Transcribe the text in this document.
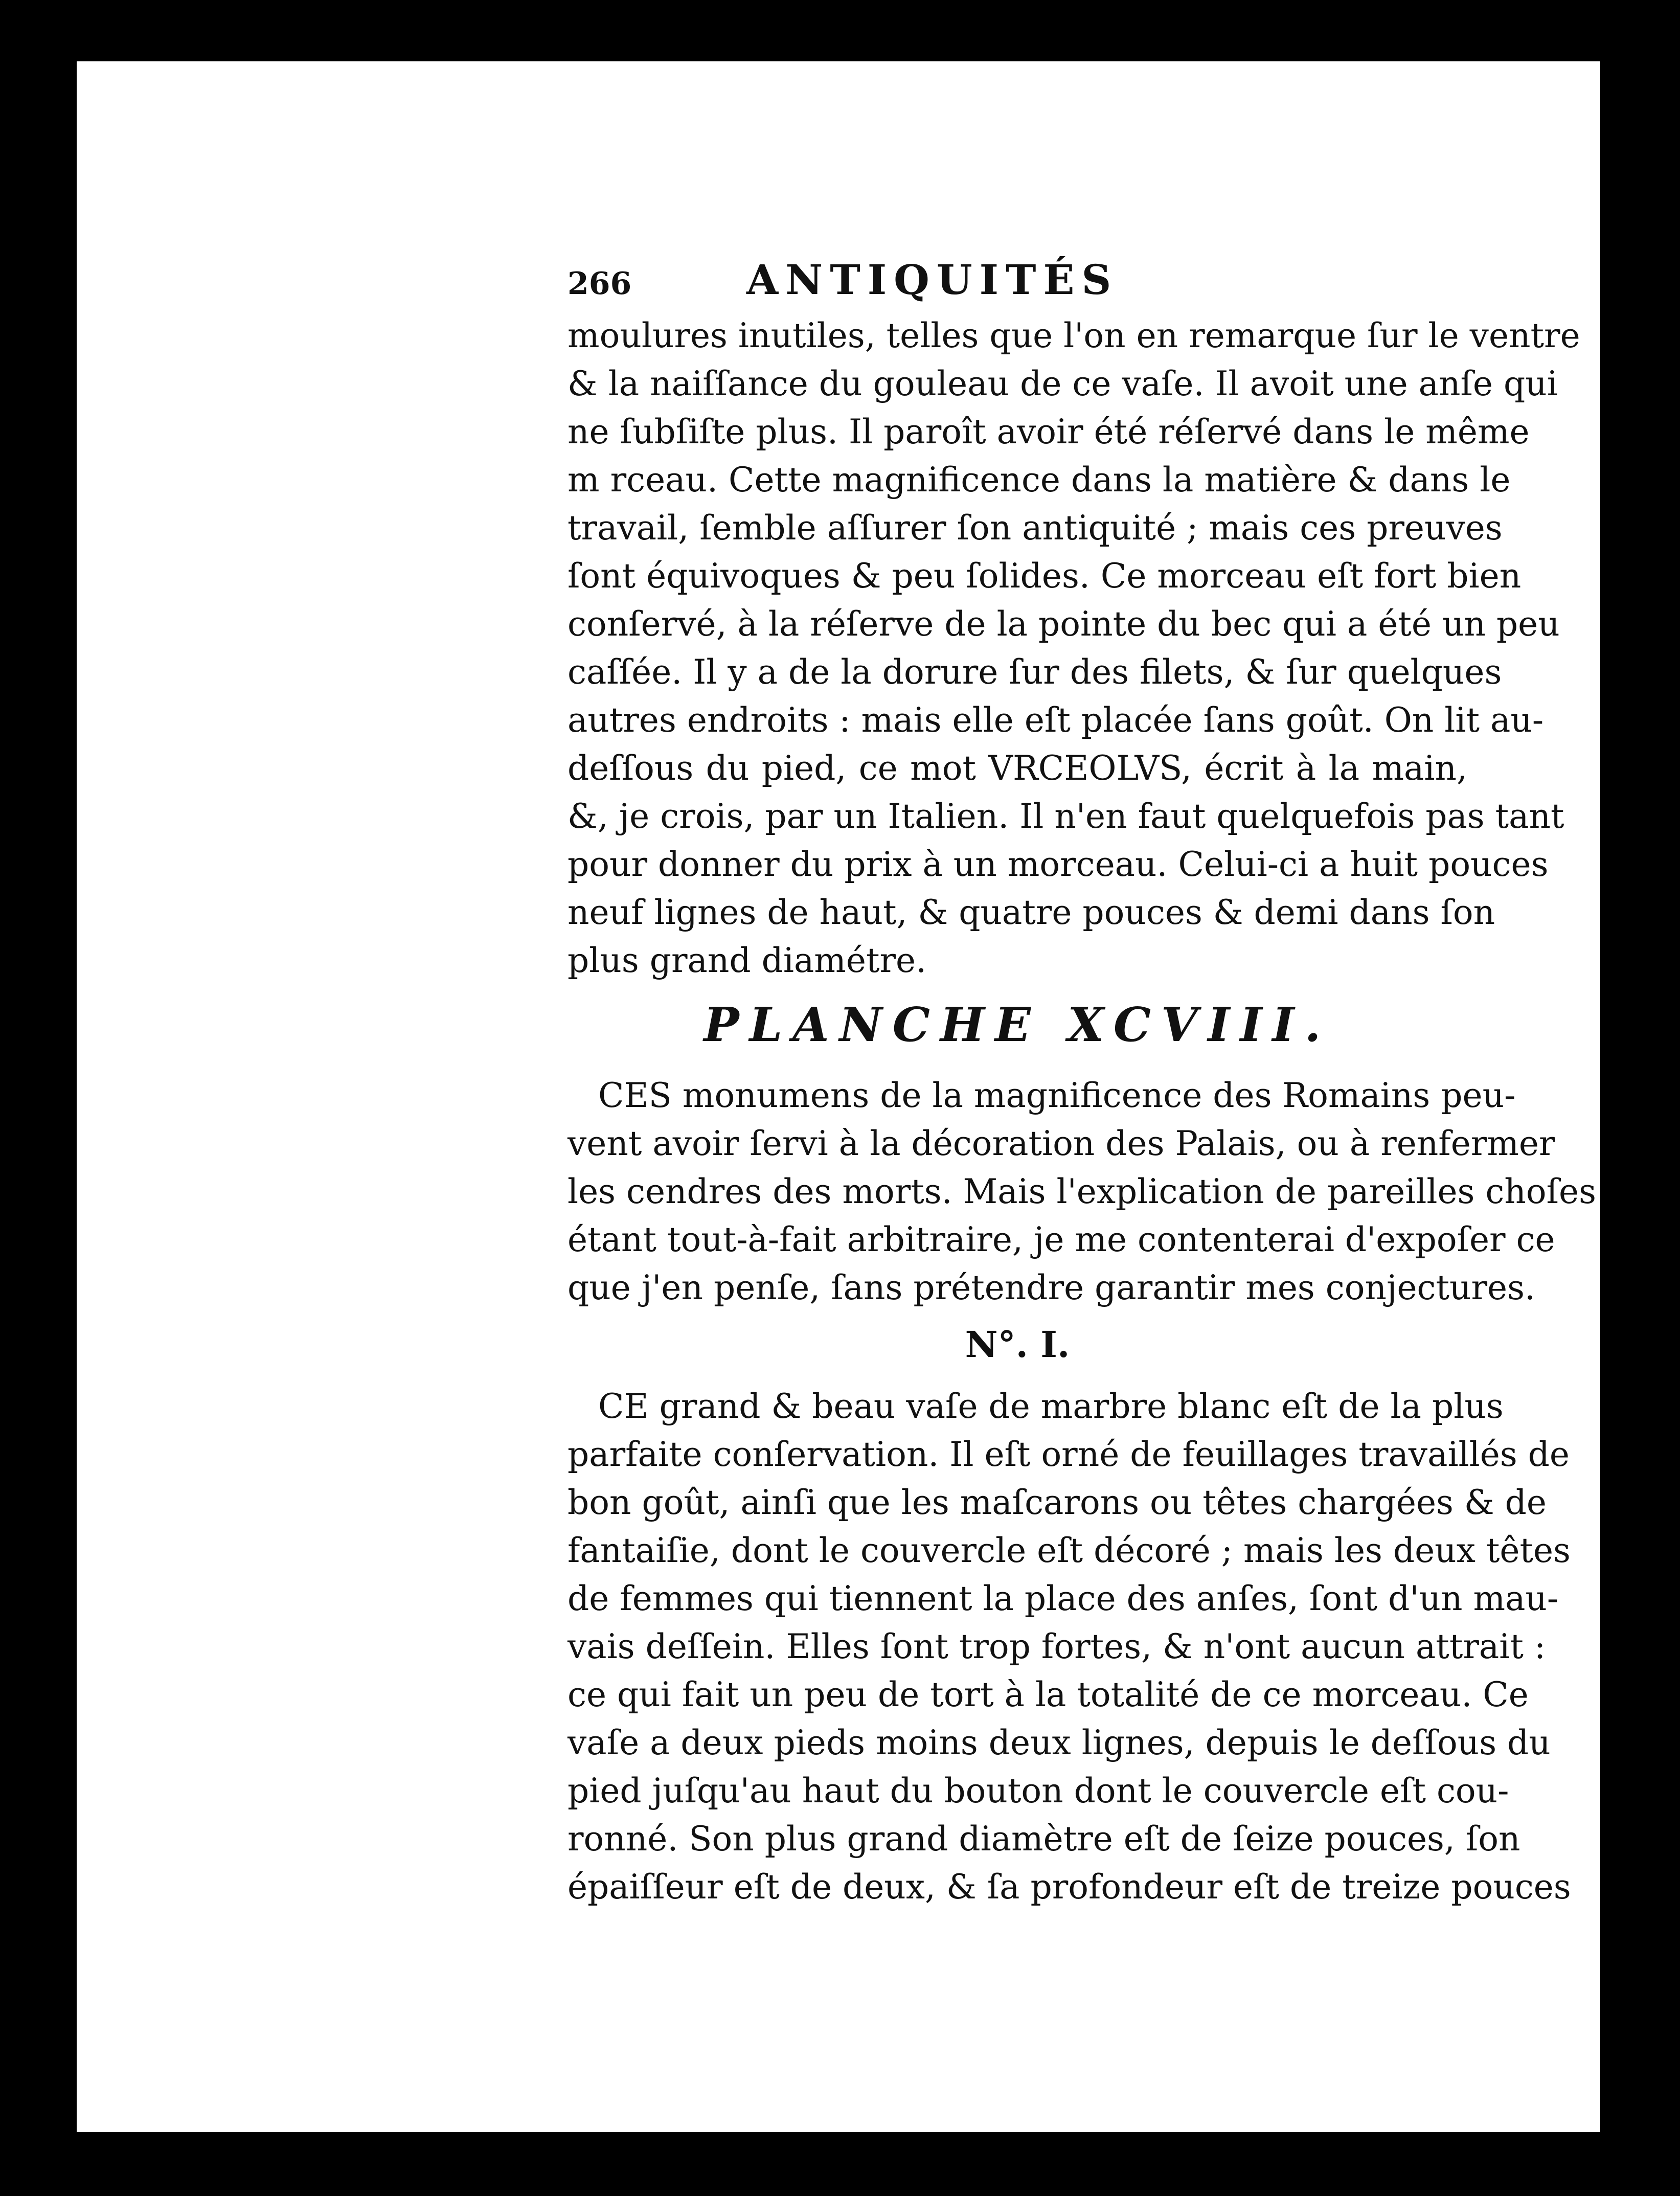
266	ANTIQUITÉS

moulures inutiles, telles que l'on en remarque ſur le ventre

& la naiſſance du gouleau de ce vaſe. Il avoit une anſe qui

ne ſubſiſte plus. Il paroît avoir été réſervé dans le même

m rceau. Cette magnificence dans la matière & dans le

travail, ſemble aſſurer ſon antiquité ; mais ces preuves

ſont équivoques & peu ſolides. Ce morceau eſt fort bien

conſervé, à la réſerve de la pointe du bec qui a été un peu

caſſée. Il y a de la dorure ſur des filets, & ſur quelques

autres endroits : mais elle eſt placée ſans goût. On lit au-

deſſous du pied, ce mot VRCEOLVS, écrit à la main,

&, je crois, par un Italien. Il n'en faut quelquefois pas tant

pour donner du prix à un morceau. Celui-ci a huit pouces

neuf lignes de haut, & quatre pouces & demi dans ſon

plus grand diamétre.

PLANCHE XCVIII.

CES monumens de la magnificence des Romains peu-

vent avoir ſervi à la décoration des Palais, ou à renfermer

les cendres des morts. Mais l'explication de pareilles choſes

étant tout-à-fait arbitraire, je me contenterai d'expoſer ce

que j'en penſe, ſans prétendre garantir mes conjectures.

N°. I.

CE grand & beau vaſe de marbre blanc eſt de la plus

parfaite conſervation. Il eſt orné de feuillages travaillés de

bon goût, ainſi que les maſcarons ou têtes chargées & de

fantaiſie, dont le couvercle eſt décoré ; mais les deux têtes

de femmes qui tiennent la place des anſes, ſont d'un mau-

vais deſſein. Elles ſont trop fortes, & n'ont aucun attrait :

ce qui fait un peu de tort à la totalité de ce morceau. Ce

vaſe a deux pieds moins deux lignes, depuis le deſſous du

pied juſqu'au haut du bouton dont le couvercle eſt cou-

ronné. Son plus grand diamètre eſt de ſeize pouces, ſon

épaiſſeur eſt de deux, & ſa profondeur eſt de treize pouces
